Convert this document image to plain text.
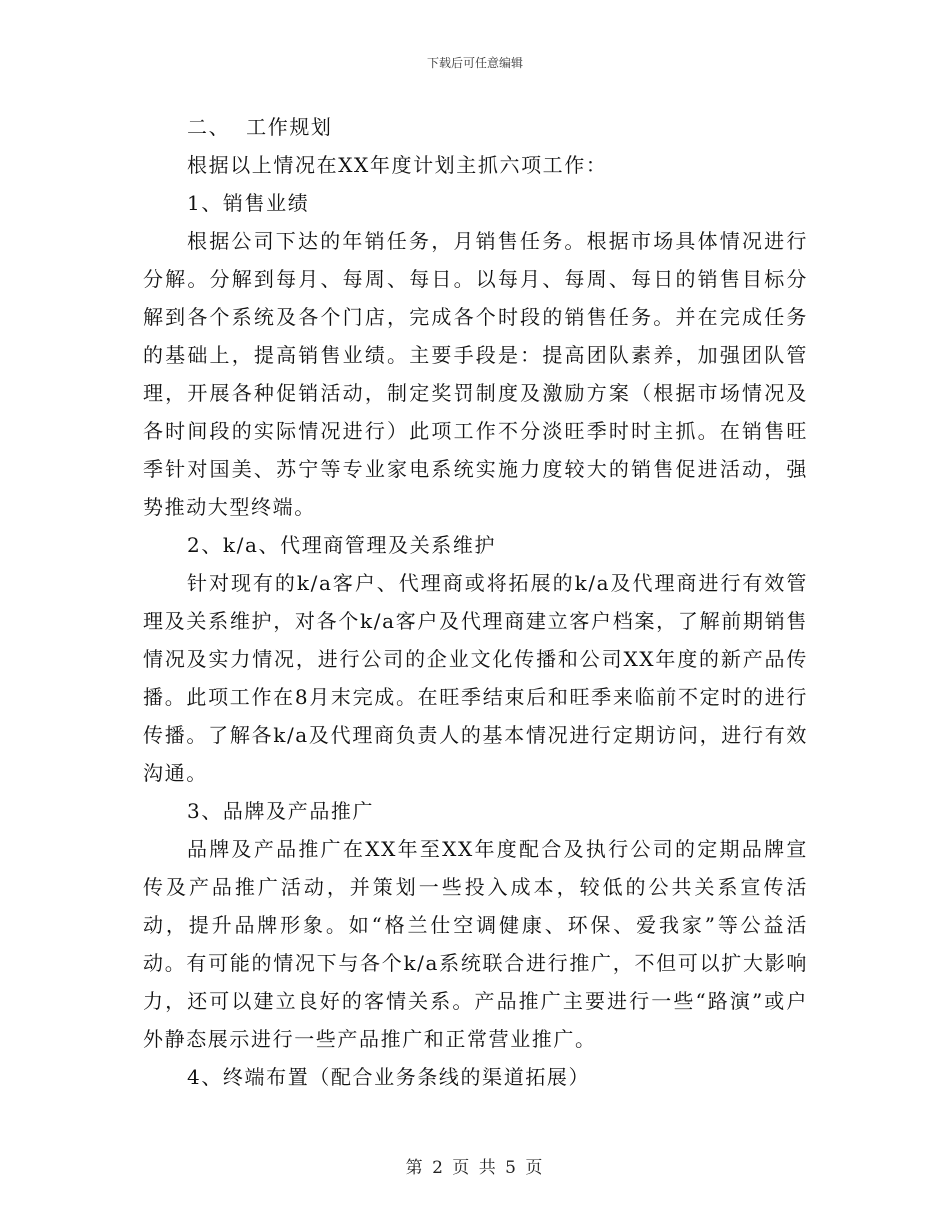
下载后可任意编辑

二、  工作规划

根据以上情况在XX年度计划主抓六项工作：

1、销售业绩

根据公司下达的年销任务，月销售任务。根据市场具体情况进行分解。分解到每月、每周、每日。以每月、每周、每日的销售目标分解到各个系统及各个门店，完成各个时段的销售任务。并在完成任务的基础上，提高销售业绩。主要手段是：提高团队素养，加强团队管理，开展各种促销活动，制定奖罚制度及激励方案（根据市场情况及各时间段的实际情况进行）此项工作不分淡旺季时时主抓。在销售旺季针对国美、苏宁等专业家电系统实施力度较大的销售促进活动，强势推动大型终端。

2、k/a、代理商管理及关系维护

针对现有的k/a客户、代理商或将拓展的k/a及代理商进行有效管理及关系维护，对各个k/a客户及代理商建立客户档案，了解前期销售情况及实力情况，进行公司的企业文化传播和公司XX年度的新产品传播。此项工作在8月末完成。在旺季结束后和旺季来临前不定时的进行传播。了解各k/a及代理商负责人的基本情况进行定期访问，进行有效沟通。

3、品牌及产品推广

品牌及产品推广在XX年至XX年度配合及执行公司的定期品牌宣传及产品推广活动，并策划一些投入成本，较低的公共关系宣传活动，提升品牌形象。如“格兰仕空调健康、环保、爱我家”等公益活动。有可能的情况下与各个k/a系统联合进行推广，不但可以扩大影响力，还可以建立良好的客情关系。产品推广主要进行一些“路演”或户外静态展示进行一些产品推广和正常营业推广。

4、终端布置（配合业务条线的渠道拓展）

第 2 页 共 5 页
